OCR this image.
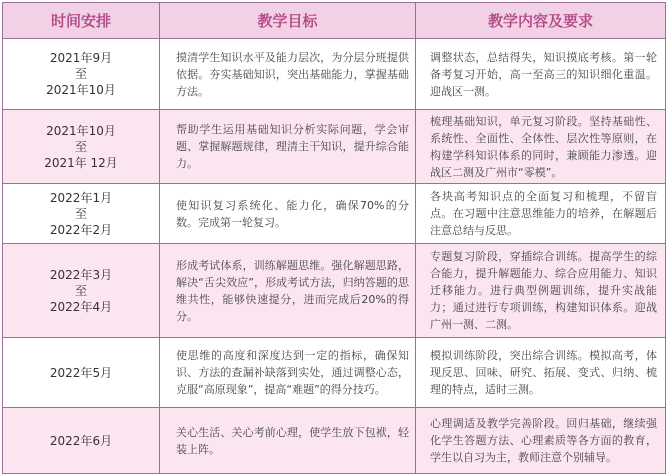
时间安排	教学目标	教学内容及要求
2021年9月
至
2021年10月
摸清学生知识水平及能力层次，为分层分班提供依据。夯实基础知识，突出基础能力，掌握基础方法。
调整状态，总结得失，知识摸底考核。第一轮备考复习开始，高一至高三的知识细化重温。迎战区一测。
2021年10月
至
2021年 12月
帮助学生运用基础知识分析实际问题，学会审题、掌握解题规律，理清主干知识，提升综合能力。
梳理基础知识，单元复习阶段。坚持基础性、系统性、全面性、全体性、层次性等原则，在构建学科知识体系的同时，兼顾能力渗透。迎战区二测及广州市“零模”。
2022年1月
至
2022年2月
使知识复习系统化、能力化，确保70%的分数。完成第一轮复习。
各块高考知识点的全面复习和梳理，不留盲点。在习题中注意思维能力的培养，在解题后注意总结与反思。
2022年3月
至
2022年4月
形成考试体系，训练解题思维。强化解题思路，解决“舌尖效应”，形成考试方法，归纳答题的思维共性，能够快速提分，进而完成后20%的得分。
专题复习阶段，穿插综合训练。提高学生的综合能力，提升解题能力、综合应用能力、知识迁移能力。进行典型例题训练，提升实战能力；通过进行专项训练，构建知识体系。迎战广州一测、二测。
2022年5月
使思维的高度和深度达到一定的指标，确保知识、方法的查漏补缺落到实处，通过调整心态，克服“高原现象”，提高“难题”的得分技巧。
模拟训练阶段，突出综合训练。模拟高考，体现反思、回味、研究、拓展、变式、归纳、梳理的特点，适时三测。
2022年6月
关心生活、关心考前心理，使学生放下包袱，轻装上阵。
心理调适及教学完善阶段。回归基础，继续强化学生答题方法、心理素质等各方面的教育，学生以自习为主，教师注意个别辅导。
